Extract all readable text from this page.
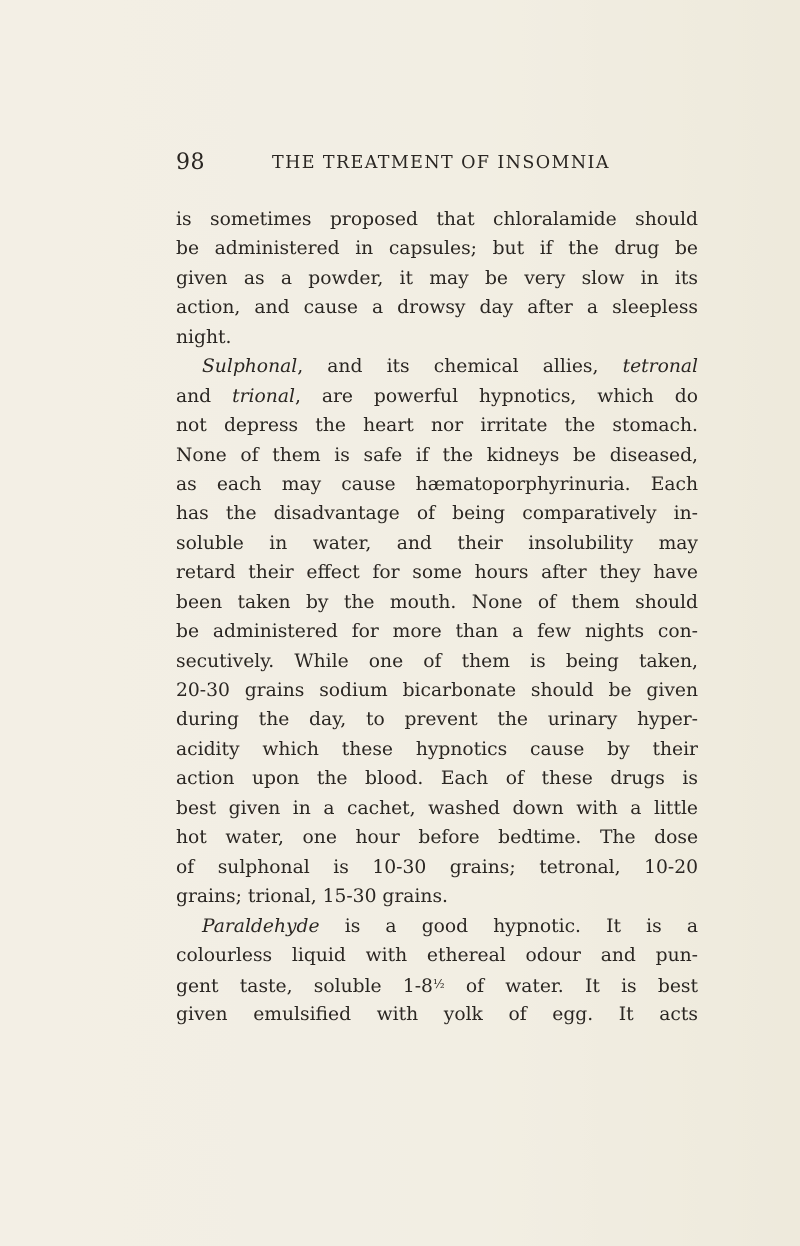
98	THE TREATMENT OF INSOMNIA
is sometimes proposed that chloralamide should
be administered in capsules; but if the drug be
given as a powder, it may be very slow in its
action, and cause a drowsy day after a sleepless
night.
Sulphonal, and its chemical allies, tetronal
and trional, are powerful hypnotics, which do
not depress the heart nor irritate the stomach.
None of them is safe if the kidneys be diseased,
as each may cause hæmatoporphyrinuria. Each
has the disadvantage of being comparatively in-
soluble in water, and their insolubility may
retard their effect for some hours after they have
been taken by the mouth. None of them should
be administered for more than a few nights con-
secutively. While one of them is being taken,
20-30 grains sodium bicarbonate should be given
during the day, to prevent the urinary hyper-
acidity which these hypnotics cause by their
action upon the blood. Each of these drugs is
best given in a cachet, washed down with a little
hot water, one hour before bedtime. The dose
of sulphonal is 10-30 grains; tetronal, 10-20
grains; trional, 15-30 grains.
Paraldehyde is a good hypnotic. It is a
colourless liquid with ethereal odour and pun-
gent taste, soluble $1-8^{\frac{1}{2}}$ of water. It is best
given emulsified with yolk of egg. It acts
